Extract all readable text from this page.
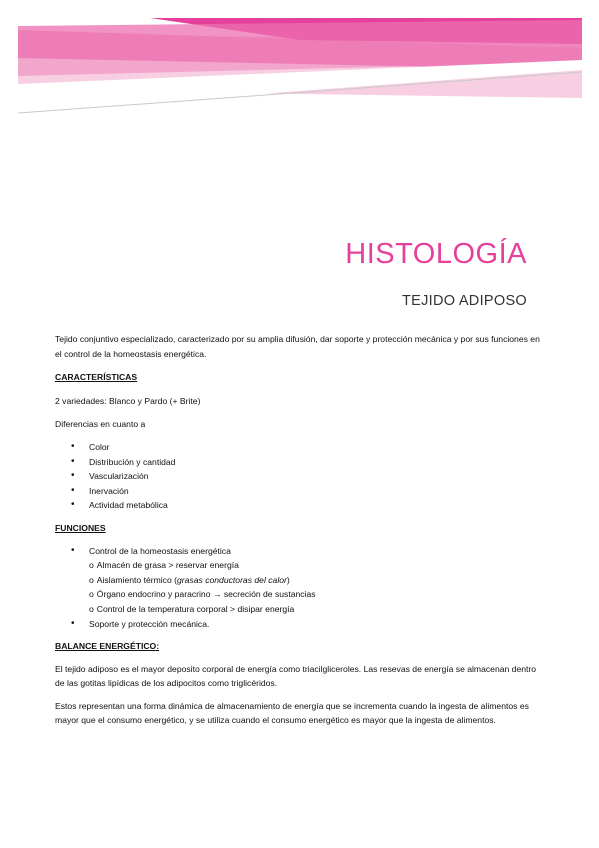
HISTOLOGÍA
TEJIDO ADIPOSO

Tejido conjuntivo especializado, caracterizado por su amplia difusión, dar soporte y protección mecánica y por sus funciones en el control de la homeostasis energética.

CARACTERÍSTICAS

2 variedades: Blanco y Pardo (+ Brite)

Diferencias en cuanto a

• Color
• Distribución y cantidad
• Vascularización
• Inervación
• Actividad metabólica

FUNCIONES

• Control de la homeostasis energética

o Almacén de grasa > reservar energía

o Aislamiento térmico (grasas conductoras del calor)

o Órgano endocrino y paracrino → secreción de sustancias

o Control de la temperatura corporal > disipar energía

• Soporte y protección mecánica.

BALANCE ENERGÉTICO:

El tejido adiposo es el mayor deposito corporal de energía como triacilgliceroles. Las resevas de energía se almacenan dentro de las gotitas lipídicas de los adipocitos como triglicéridos.

Estos representan una forma dinámica de almacenamiento de energía que se incrementa cuando la ingesta de alimentos es mayor que el consumo energético, y se utiliza cuando el consumo energético es mayor que la ingesta de alimentos.
